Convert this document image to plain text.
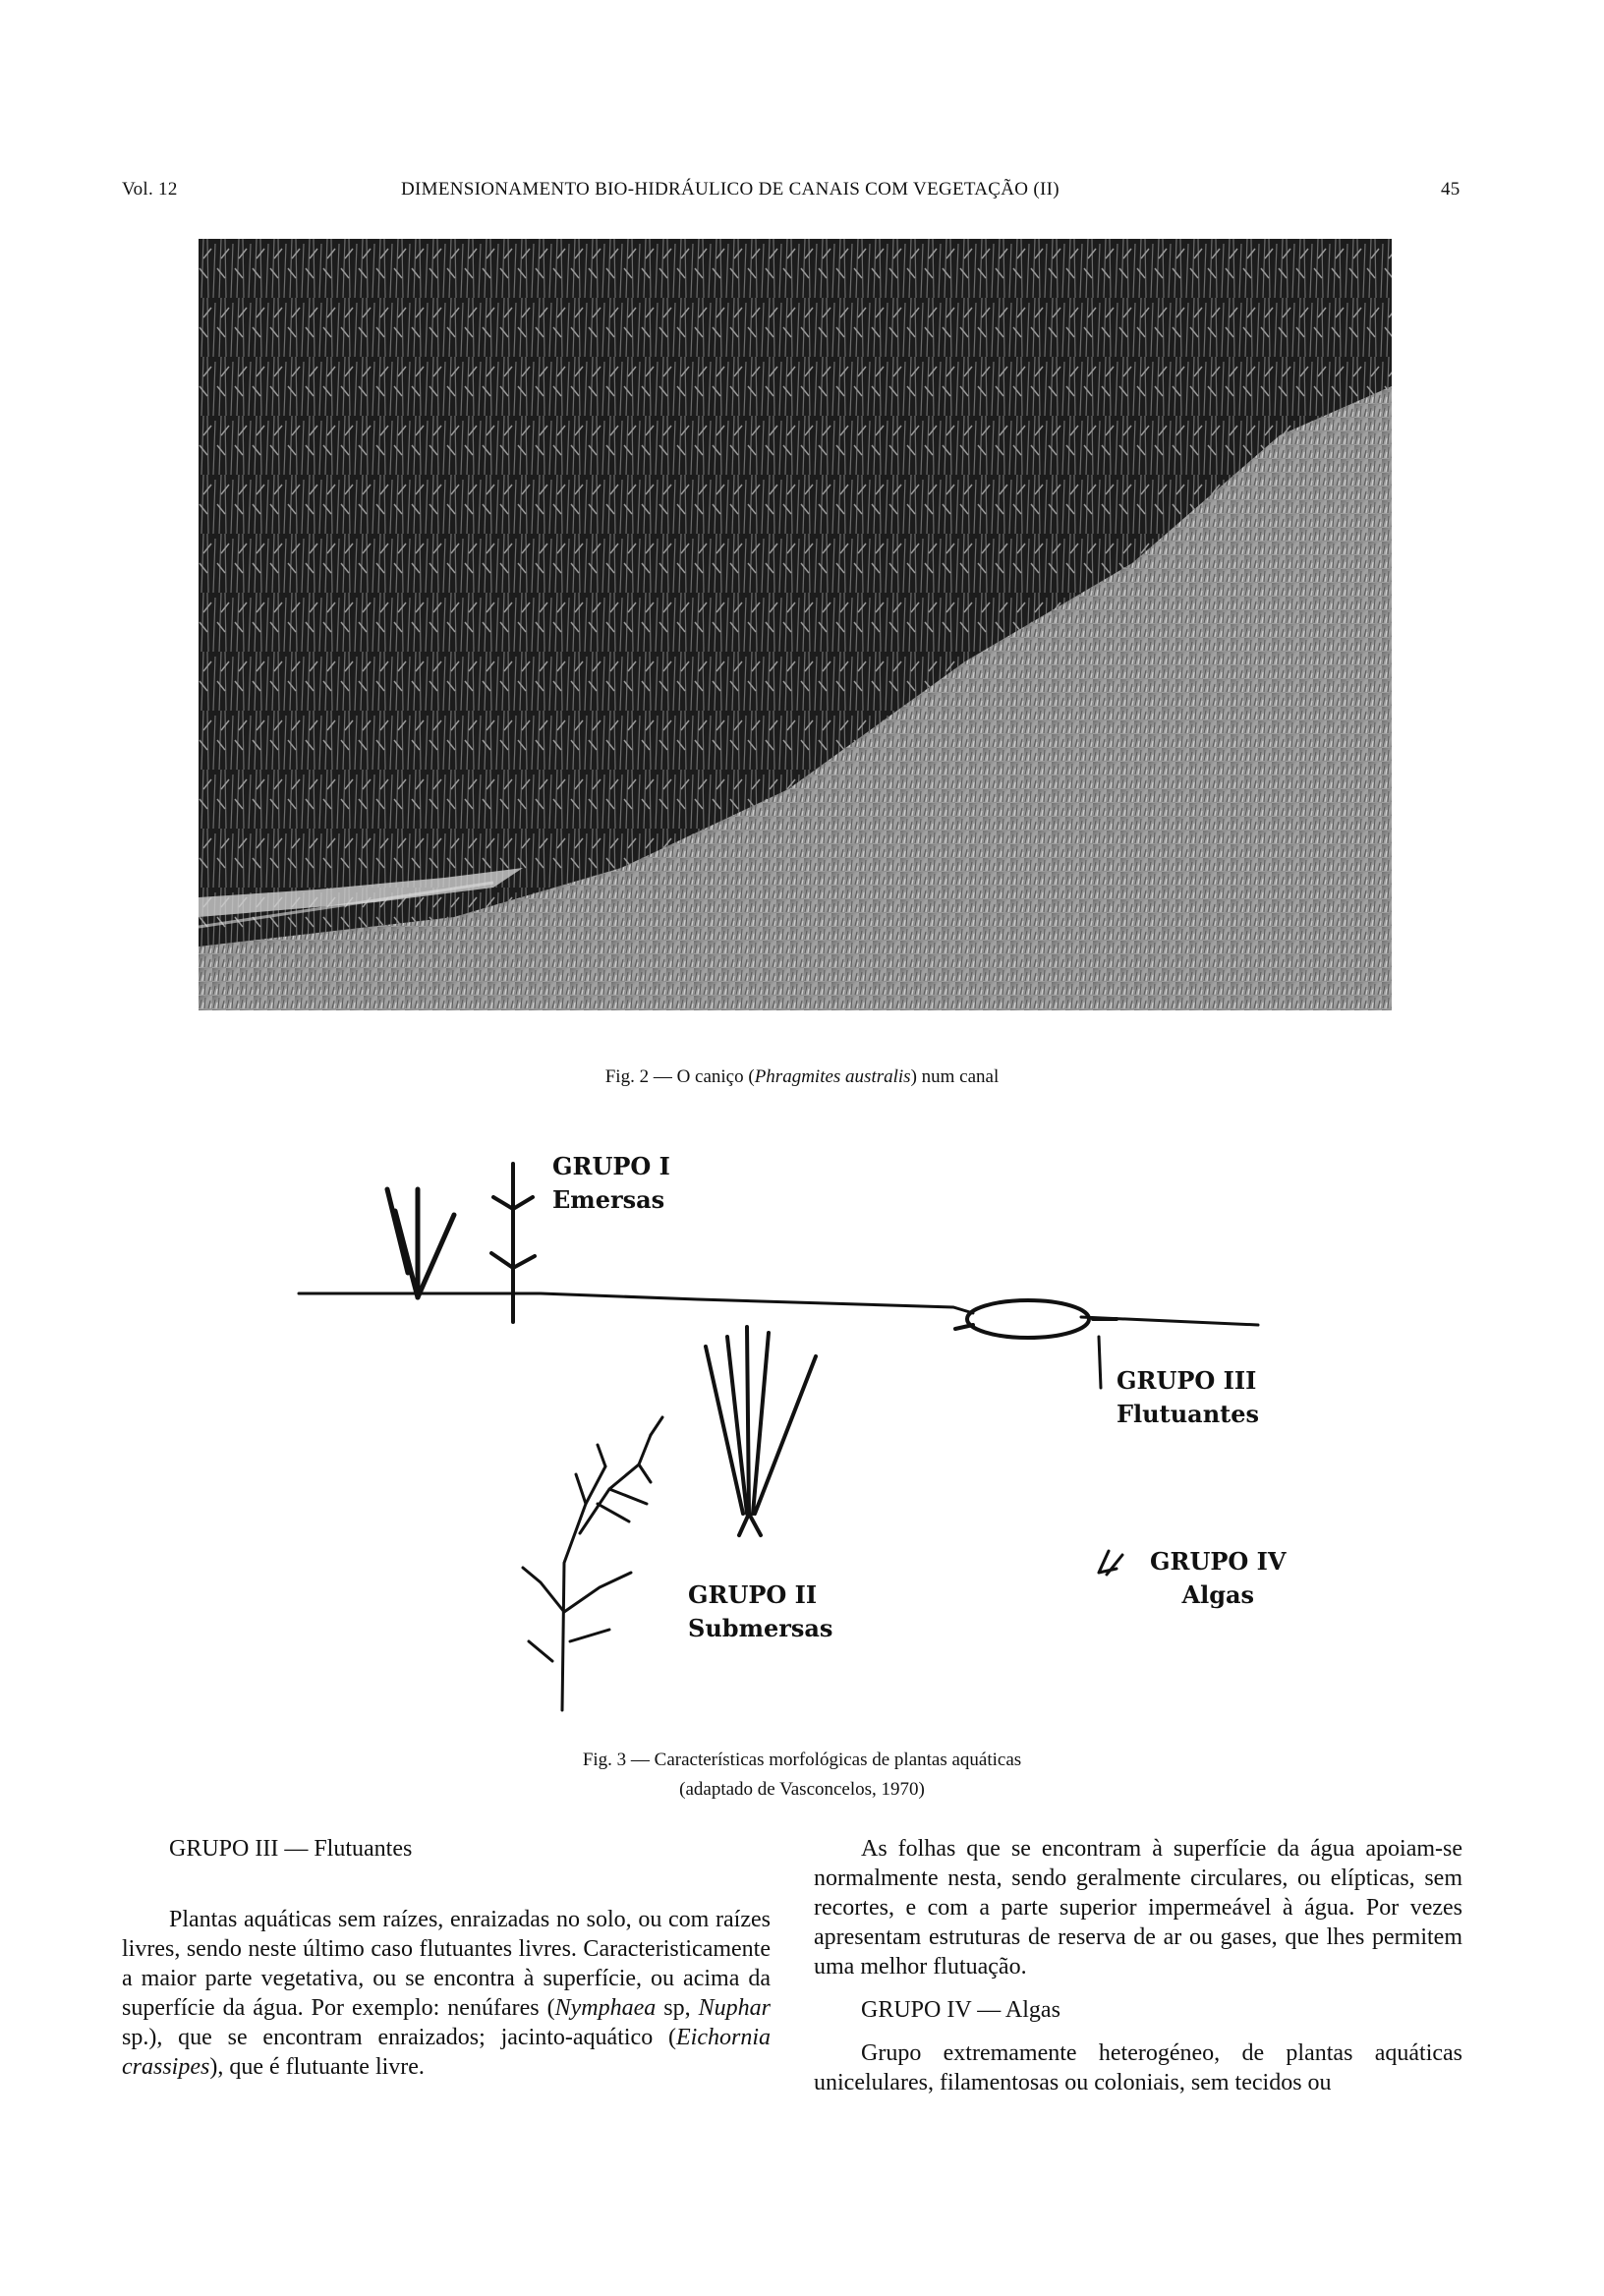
Vol. 12	DIMENSIONAMENTO BIO-HIDRÁULICO DE CANAIS COM VEGETAÇÃO (II)	45
Fig. 2 — O caniço (Phragmites australis) num canal
GRUPO I
Emersas
GRUPO III
Flutuantes
GRUPO II
Submersas
GRUPO IV
Algas
Fig. 3 — Características morfológicas de plantas aquáticas
(adaptado de Vasconcelos, 1970)

GRUPO III — Flutuantes

Plantas aquáticas sem raízes, enraizadas no solo, ou com raízes livres, sendo neste último caso flutuantes livres. Caracteristicamente a maior parte vegetativa, ou se encontra à superfície, ou acima da superfície da água. Por exemplo: nenúfares (Nymphaea sp, Nuphar sp.), que se encontram enraizados; jacinto-aquático (Eichornia crassipes), que é flutuante livre.

As folhas que se encontram à superfície da água apoiam-se normalmente nesta, sendo geralmente circulares, ou elípticas, sem recortes, e com a parte superior impermeável à água. Por vezes apresentam estruturas de reserva de ar ou gases, que lhes permitem uma melhor flutuação.

GRUPO IV — Algas

Grupo extremamente heterogéneo, de plantas aquáticas unicelulares, filamentosas ou coloniais, sem tecidos ou
